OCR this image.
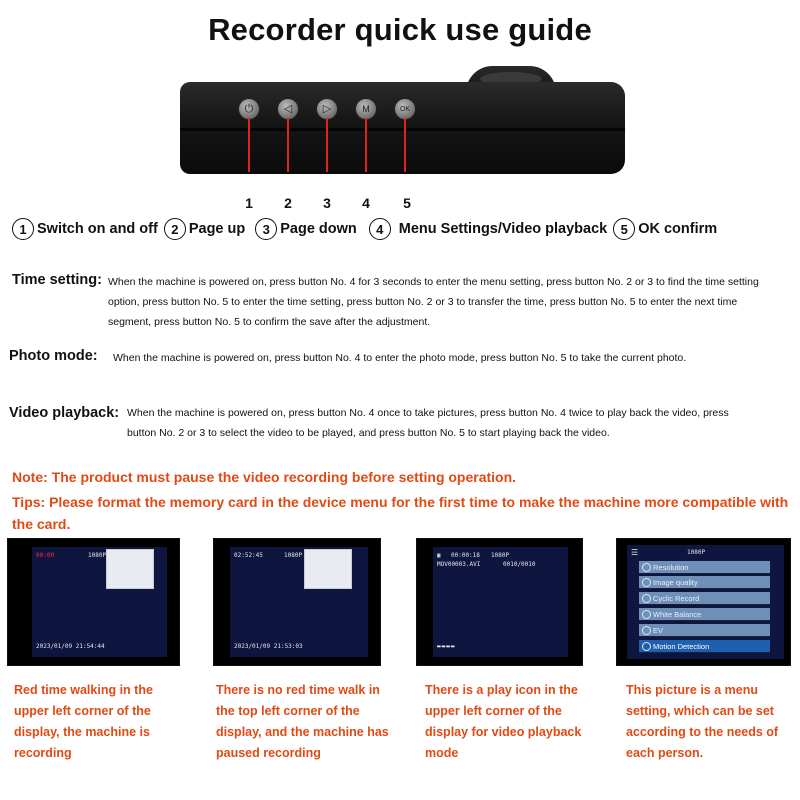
Recorder quick use guide
⏻	◁	▷	M	OK
1	2	3	4	5
1 Switch on and off	2 Page up	3 Page down	4	Menu Settings/Video playback	5 OK confirm
Time setting: When the machine is powered on, press button No. 4 for 3 seconds to enter the menu setting, press button No. 2 or 3 to find the time setting option, press button No. 5 to enter the time setting, press button No. 2 or 3 to transfer the time, press button No. 5 to enter the next time segment, press button No. 5 to confirm the save after the adjustment.
Photo mode: When the machine is powered on, press button No. 4 to enter the photo mode, press button No. 5 to take the current photo.
Video playback: When the machine is powered on, press button No. 4 once to take pictures, press button No. 4 twice to play back the video, press button No. 2 or 3 to select the video to be played, and press button No. 5 to start playing back the video.
Note: The product must pause the video recording before setting operation.
Tips: Please format the memory card in the device menu for the first time to make the machine more compatible with the card.
00:00	1080P
2023/01/09 21:54:44
02:52:45	1080P
2023/01/09 21:53:03
▣ 00:00:18 1080P
MOV00003.AVI	0010/0010
▬▬▬▬
☰	1080P
Resolution
Image quality
Cyclic Record
White Balance
EV
Motion Detection
Red time walking in the upper left corner of the display, the machine is recording
There is no red time walk in the top left corner of the display, and the machine has paused recording
There is a play icon in the upper left corner of the display for video playback mode
This picture is a menu setting, which can be set according to the needs of each person.
